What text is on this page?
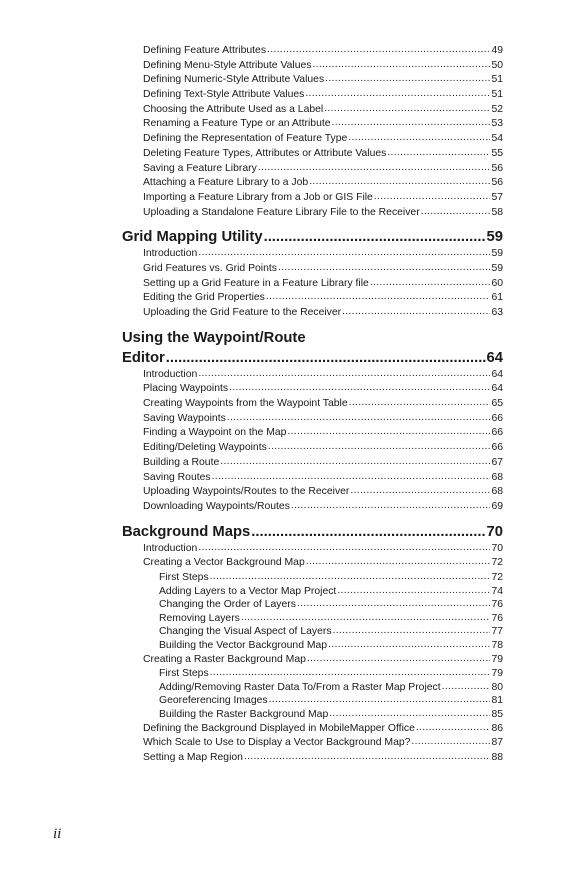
Defining Feature Attributes .....	49
Defining Menu-Style Attribute Values .....	50
Defining Numeric-Style Attribute Values .....	51
Defining Text-Style Attribute Values .....	51
Choosing the Attribute Used as a Label .....	52
Renaming a Feature Type or an Attribute .....	53
Defining the Representation of Feature Type .....	54
Deleting Feature Types, Attributes or Attribute Values .....	55
Saving a Feature Library .....	56
Attaching a Feature Library to a Job .....	56
Importing a Feature Library from a Job or GIS File .....	57
Uploading a Standalone Feature Library File to the Receiver .....	58
Grid Mapping Utility .....	59
Introduction .....	59
Grid Features vs. Grid Points .....	59
Setting up a Grid Feature in a Feature Library file .....	60
Editing the Grid Properties .....	61
Uploading the Grid Feature to the Receiver .....	63
Using the Waypoint/Route
Editor .....	64
Introduction .....	64
Placing Waypoints .....	64
Creating Waypoints from the Waypoint Table .....	65
Saving Waypoints .....	66
Finding a Waypoint on the Map .....	66
Editing/Deleting Waypoints .....	66
Building a Route .....	67
Saving Routes .....	68
Uploading Waypoints/Routes to the Receiver .....	68
Downloading Waypoints/Routes .....	69
Background Maps .....	70
Introduction .....	70
Creating a Vector Background Map .....	72
First Steps .....	72
Adding Layers to a Vector Map Project .....	74
Changing the Order of Layers .....	76
Removing Layers .....	76
Changing the Visual Aspect of Layers .....	77
Building the Vector Background Map .....	78
Creating a Raster Background Map .....	79
First Steps .....	79
Adding/Removing Raster Data To/From a Raster Map Project .....	80
Georeferencing Images .....	81
Building the Raster Background Map .....	85
Defining the Background Displayed in MobileMapper Office .....	86
Which Scale to Use to Display a Vector Background Map? .....	87
Setting a Map Region .....	88
ii
